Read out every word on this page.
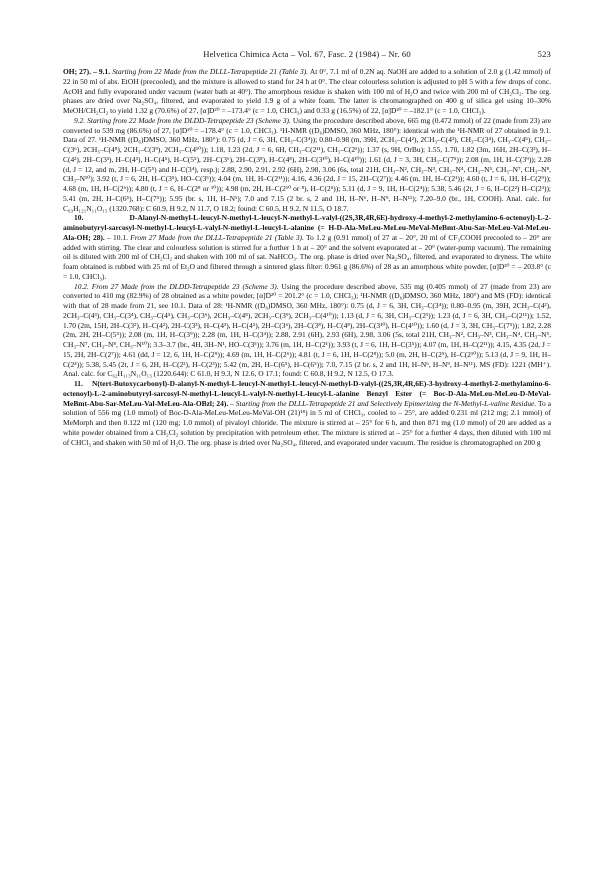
Helvetica Chimica Acta – Vol. 67, Fasc. 2 (1984) – Nr. 60	523

OH; 27). – 9.1. Starting from 22 Made from the DLLL-Tetrapeptide 21 (Table 3). At 0°, 7.1 ml of 0.2N aq. NaOH are added to a solution of 2.0 g (1.42 mmol) of 22 in 50 ml of abs. EtOH (precooled), and the mixture is allowed to stand for 24 h at 0°. The clear colourless solution is adjusted to pH 5 with a few drops of conc. AcOH and fully evaporated under vacuum (water bath at 40°). The amorphous residue is shaken with 100 ml of H₂O and twice with 200 ml of CH₂Cl₂. The org. phases are dried over Na₂SO₄, filtered, and evaporated to yield 1.9 g of a white foam. The latter is chromatographed on 400 g of silica gel using 10–30% MeOH/CH₂Cl₂ to yield 1.32 g (70.6%) of 27, [α]D²⁰ = –173.4° (c = 1.0, CHCl₃) and 0.33 g (16.5%) of 22, [α]D²⁰ = –182.1° (c = 1.0, CHCl₃).

9.2. Starting from 22 Made from the DLDD-Tetrapeptide 23 (Scheme 3). Using the procedure described above, 665 mg (0.472 mmol) of 22 (made from 23) are converted to 539 mg (86.6%) of 27, [α]D²⁰ = –178.4° (c = 1.0, CHCl₃). ¹H-NMR ((D₆)DMSO, 360 MHz, 180°): identical with the ¹H-NMR of 27 obtained in 9.1. Data of 27. ¹H-NMR ((D₆)DMSO, 360 MHz, 180°): 0.75 (d, J = 6, 3H, CH₃–C(3⁴)); 0.80–0.98 (m, 39H, 2CH₃–C(4²), 2CH₃–C(4³), CH₃–C(3⁴), CH₃–C(4⁵), CH₃–C(3⁶), 2CH₃–C(4⁸), 2CH₃–C(3⁹), 2CH₃–C(4¹⁰)); 1.18, 1.23 (2d, J = 6, 6H, CH₃–C(2¹¹), CH₃–C(2¹)); 1.37 (s, 9H, OrBu); 1.55, 1.70, 1.82 (3m, 16H, 2H–C(3²), H–C(4²), 2H–C(3³), H–C(4³), H–C(4⁵), H–C(5⁵), 2H–C(3⁶), 2H–C(3⁸), H–C(4⁸), 2H–C(3¹⁰), H–C(4¹⁰)); 1.61 (d, J = 3, 3H, CH₃–C(7⁵)); 2.08 (m, 1H, H–C(3⁹)); 2.28 (d, J = 12, and m, 2H, H–C(5⁵) and H–C(3⁴), resp.); 2.88, 2.90, 2.91, 2.92 (6H), 2.98, 3.06 (6s, total 21H, CH₃–N², CH₃–N³, CH₃–N⁴, CH₃–N⁵, CH₃–N⁷, CH₃–N⁸, CH₃–N¹⁰); 3.92 (t, J = 6, 2H, H–C(3⁵), HO–C(3⁵)); 4.04 (m, 1H, H–C(2¹¹)); 4.16, 4.36 (2d, J = 15, 2H–C(2⁷)); 4.46 (m, 1H, H–C(2¹)); 4.60 (t, J = 6, 1H, H–C(2⁹)); 4.68 (m, 1H, H–C(2⁶)); 4.80 (t, J = 6, H–C(2⁸ or ¹⁰)); 4.98 (m, 2H, H–C(2¹⁰ or ⁸), H–C(2⁵)); 5.11 (d, J = 9, 1H, H–C(2⁴)); 5.38, 5.46 (2t, J = 6, H–C(2²) H–C(2³)); 5.41 (m, 2H, H–C(6⁵), H–C(7⁵)); 5.95 (br. s, 1H, H–N¹); 7.0 and 7.15 (2 br. s, 2 and 1H, H–N⁶, H–N⁹, H–N¹¹); 7.20–9.0 (br., 1H, COOH). Anal. calc. for C₆₃H₁₂₁N₁₁O₁₅ (1320.768): C 60.9, H 9.2, N 11.7, O 18.2; found: C 60.5, H 9.2, N 11.5, O 18.7.

10. D-Alanyl-N-methyl-L-leucyl-N-methyl-L-leucyl-N-methyl-L-valyl-((2S,3R,4R,6E)-hydroxy-4-methyl-2-methylamino-6-octenoyl)-L-2-aminobutyryl-sarcosyl-N-methyl-L-leucyl-L-valyl-N-methyl-L-leucyl-L-alanine (= H-D-Ala-MeLeu-MeLeu-MeVal-MeBmt-Abu-Sar-MeLeu-Val-MeLeu-Ala-OH; 28). – 10.1. From 27 Made from the DLLL-Tetrapeptide 21 (Table 3). To 1.2 g (0.91 mmol) of 27 at – 20°, 20 ml of CF₃COOH precooled to – 20° are added with stirring. The clear and colourless solution is stirred for a further 1 h at – 20° and the solvent evaporated at – 20° (water-pump vacuum). The remaining oil is diluted with 200 ml of CH₂Cl₂ and shaken with 100 ml of sat. NaHCO₃. The org. phase is dried over Na₂SO₄, filtered, and evaporated to dryness. The white foam obtained is rubbed with 25 ml of Et₂O and filtered through a sintered glass filter: 0.961 g (86.6%) of 28 as an amorphous white powder, [α]D²⁰ = – 203.8° (c = 1.0, CHCl₃).

10.2. From 27 Made from the DLDD-Tetrapeptide 23 (Scheme 3). Using the procedure described above, 535 mg (0.405 mmol) of 27 (made from 23) are converted to 410 mg (82.9%) of 28 obtained as a white powder, [α]D²⁰ = 201.2° (c = 1.0, CHCl₃); ¹H-NMR ((D₆)DMSO, 360 MHz, 180°) and MS (FD): identical with that of 28 made from 21, see 10.1. Data of 28: ¹H-NMR ((D₆)DMSO, 360 MHz, 180°): 0.75 (d, J = 6, 3H, CH₃–C(3⁴)); 0.80–0.95 (m, 39H, 2CH₃–C(4²), 2CH₃–C(4³), CH₃–C(3⁴), CH₃–C(4⁵), CH₃–C(3⁶), 2CH₃–C(4⁸), 2CH₃–C(3⁹), 2CH₃–C(4¹⁰)); 1.13 (d, J = 6, 3H, CH₃–C(2¹)); 1.23 (d, J = 6, 3H, CH₃–C(2¹¹)); 1.52, 1.70 (2m, 15H, 2H–C(3²), H–C(4²), 2H–C(3³), H–C(4³), H–C(4⁵), 2H–C(3⁶), 2H–C(3⁸), H–C(4⁸), 2H–C(3¹⁰), H–C(4¹⁰)); 1.60 (d, J = 3, 3H, CH₃–C(7⁵)); 1.82, 2.28 (2m, 2H, 2H–C(5⁵)); 2.08 (m, 1H, H–C(3⁹)); 2.28 (m, 1H, H–C(3⁴)); 2.88, 2.91 (6H), 2.93 (6H), 2.98, 3.06 (5s, total 21H, CH₃–N², CH₃–N³, CH₃–N⁴, CH₃–N⁵, CH₃–N⁷, CH₃–N⁸, CH₃–N¹⁰); 3.3–3.7 (br., 4H, 3H–N¹, HO–C(3⁵)); 3.76 (m, 1H, H–C(2¹)); 3.93 (t, J = 6, 1H, H–C(3⁵)); 4.07 (m, 1H, H–C(2¹¹)); 4.15, 4.35 (2d, J = 15, 2H, 2H–C(2⁷)); 4.61 (dd, J = 12, 6, 1H, H–C(2⁹)); 4.69 (m, 1H, H–C(2⁶)); 4.81 (t, J = 6, 1H, H–C(2⁸)); 5.0 (m, 2H, H–C(2⁵), H–C(2¹⁰)); 5.13 (d, J = 9, 1H, H–C(2⁴)); 5.38, 5.45 (2t, J = 6, 2H, H–C(2²), H–C(2³)); 5.42 (m, 2H, H–C(6⁵), H–C(6⁵)); 7.0, 7.15 (2 br. s, 2 and 1H, H–N⁶, H–N⁹, H–N¹¹). MS (FD): 1221 (MH⁺). Anal. calc. for C₆₂H₁₁₃N₁₁O₁₃ (1220.644): C 61.0, H 9.3, N 12.6, O 17.1; found: C 60.8, H 9.2, N 12.5, O 17.3.

11. N(tert-Butoxycarbonyl)-D-alanyl-N-methyl-L-leucyl-N-methyl-L-leucyl-N-methyl-D-valyl-((2S,3R,4R,6E)-3-hydroxy-4-methyl-2-methylamino-6-octenoyl)-L-2-aminobutyryl-sarcosyl-N-methyl-L-leucyl-L-valyl-N-methyl-L-leucyl-L-alanine Benzyl Ester (= Boc-D-Ala-MeLeu-MeLeu-D-MeVal-MeBmt-Abu-Sar-MeLeu-Val-MeLeu-Ala-OBzl; 24). – Starting from the DLLL-Tetrapeptide 21 and Selectively Epimerizing the N-Methyl-L-valine Residue. To a solution of 556 mg (1.0 mmol) of Boc-D-Ala-MeLeu-MeLeu-MeVal-OH (21)¹⁸) in 5 ml of CHCl₃, cooled to – 25°, are added 0.231 ml (212 mg; 2.1 mmol) of MeMorph and then 0.122 ml (120 mg; 1.0 mmol) of pivaloyl chloride. The mixture is stirred at – 25° for 6 h, and then 871 mg (1.0 mmol) of 20 are added as a white powder obtained from a CH₂Cl₂ solution by precipitation with petroleum ether. The mixture is stirred at – 25° for a further 4 days, then diluted with 100 ml of CHCl₃ and shaken with 50 ml of H₂O. The org. phase is dried over Na₂SO₄, filtered, and evaporated under vacuum. The residue is chromatographed on 200 g
